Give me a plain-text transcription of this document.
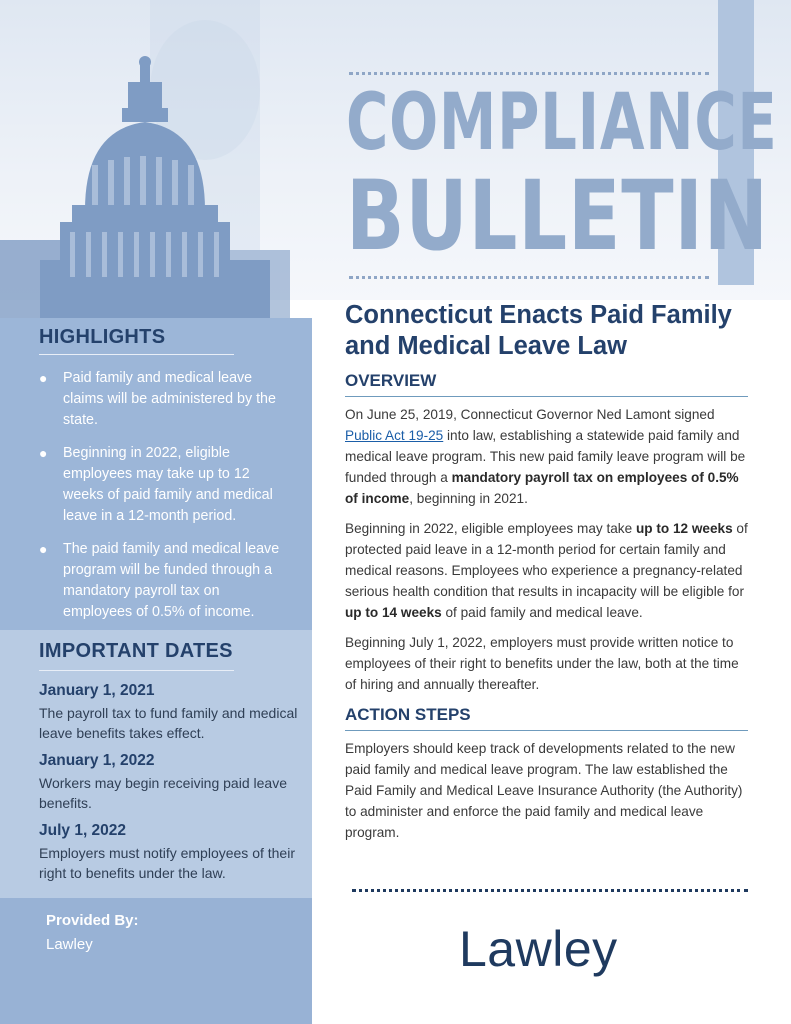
COMPLIANCE
BULLETIN
HIGHLIGHTS
● Paid family and medical leave claims will be administered by the state.
● Beginning in 2022, eligible employees may take up to 12 weeks of paid family and medical leave in a 12-month period.
● The paid family and medical leave program will be funded through a mandatory payroll tax on employees of 0.5% of income.
IMPORTANT DATES

January 1, 2021

The payroll tax to fund family and medical leave benefits takes effect.

January 1, 2022

Workers may begin receiving paid leave benefits.

July 1, 2022

Employers must notify employees of their right to benefits under the law.

Provided By:

Lawley

Connecticut Enacts Paid Family and Medical Leave Law
OVERVIEW

On June 25, 2019, Connecticut Governor Ned Lamont signed Public Act 19-25 into law, establishing a statewide paid family and medical leave program. This new paid family leave program will be funded through a mandatory payroll tax on employees of 0.5% of income, beginning in 2021.

Beginning in 2022, eligible employees may take up to 12 weeks of protected paid leave in a 12-month period for certain family and medical reasons. Employees who experience a pregnancy-related serious health condition that results in incapacity will be eligible for up to 14 weeks of paid family and medical leave.

Beginning July 1, 2022, employers must provide written notice to employees of their right to benefits under the law, both at the time of hiring and annually thereafter.

ACTION STEPS

Employers should keep track of developments related to the new paid family and medical leave program. The law established the Paid Family and Medical Leave Insurance Authority (the Authority) to administer and enforce the paid family and medical leave program.

Lawley
